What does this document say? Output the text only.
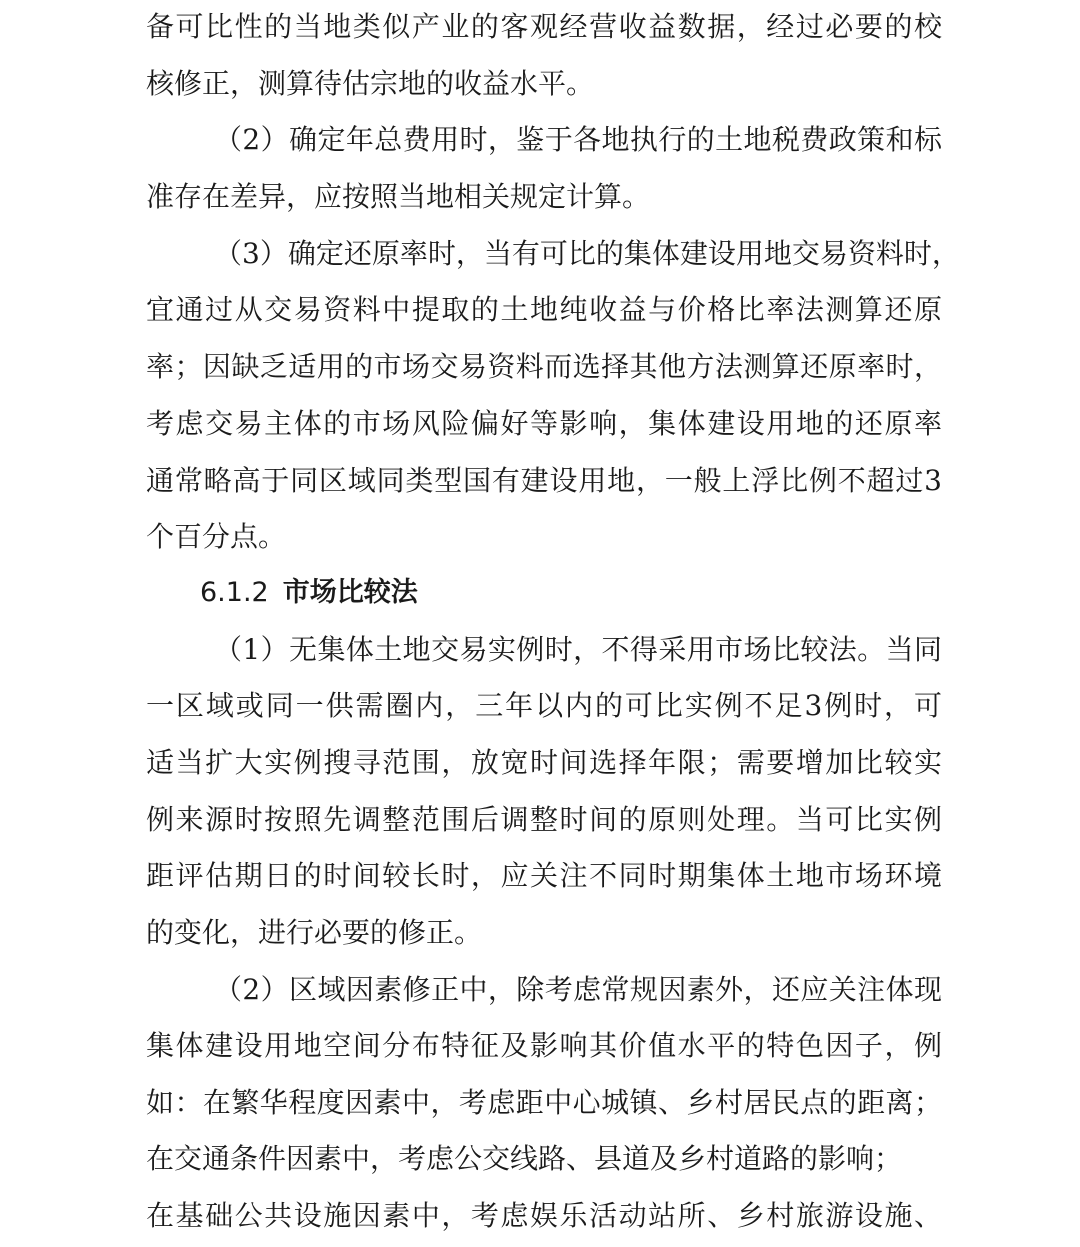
备可比性的当地类似产业的客观经营收益数据，经过必要的校
核修正，测算待估宗地的收益水平。
（2）确定年总费用时，鉴于各地执行的土地税费政策和标
准存在差异，应按照当地相关规定计算。
（3）确定还原率时，当有可比的集体建设用地交易资料时，
宜通过从交易资料中提取的土地纯收益与价格比率法测算还原
率；因缺乏适用的市场交易资料而选择其他方法测算还原率时，
考虑交易主体的市场风险偏好等影响，集体建设用地的还原率
通常略高于同区域同类型国有建设用地，一般上浮比例不超过3
个百分点。
6.1.2 市场比较法
（1）无集体土地交易实例时，不得采用市场比较法。当同
一区域或同一供需圈内，三年以内的可比实例不足3例时，可
适当扩大实例搜寻范围，放宽时间选择年限；需要增加比较实
例来源时按照先调整范围后调整时间的原则处理。当可比实例
距评估期日的时间较长时，应关注不同时期集体土地市场环境
的变化，进行必要的修正。
（2）区域因素修正中，除考虑常规因素外，还应关注体现
集体建设用地空间分布特征及影响其价值水平的特色因子，例
如：在繁华程度因素中，考虑距中心城镇、乡村居民点的距离；
在交通条件因素中，考虑公交线路、县道及乡村道路的影响；
在基础公共设施因素中，考虑娱乐活动站所、乡村旅游设施、
